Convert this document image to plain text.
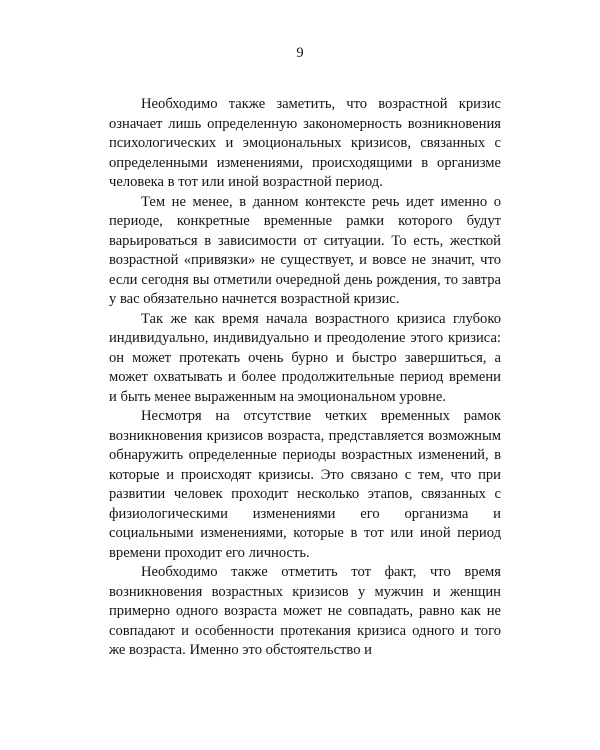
9

Необходимо также заметить, что возрастной кризис означает лишь определенную закономерность возникновения психологических и эмоциональных кризисов, связанных с определенными изменениями, происходящими в организме человека в тот или иной возрастной период.

Тем не менее, в данном контексте речь идет именно о периоде, конкретные временные рамки которого будут варьироваться в зависимости от ситуации. То есть, жесткой возрастной «привязки» не существует, и вовсе не значит, что если сегодня вы отметили очередной день рождения, то завтра у вас обязательно начнется возрастной кризис.

Так же как время начала возрастного кризиса глубоко индивидуально, индивидуально и преодоление этого кризиса: он может протекать очень бурно и быстро завершиться, а может охватывать и более продолжительные период времени и быть менее выраженным на эмоциональном уровне.

Несмотря на отсутствие четких временных рамок возникновения кризисов возраста, представляется возможным обнаружить определенные периоды возрастных изменений, в которые и происходят кризисы. Это связано с тем, что при развитии человек проходит несколько этапов, связанных с физиологическими изменениями его организма и социальными изменениями, которые в тот или иной период времени проходит его личность.

Необходимо также отметить тот факт, что время возникновения возрастных кризисов у мужчин и женщин примерно одного возраста может не совпадать, равно как не совпадают и особенности протекания кризиса одного и того же возраста. Именно это обстоятельство и
